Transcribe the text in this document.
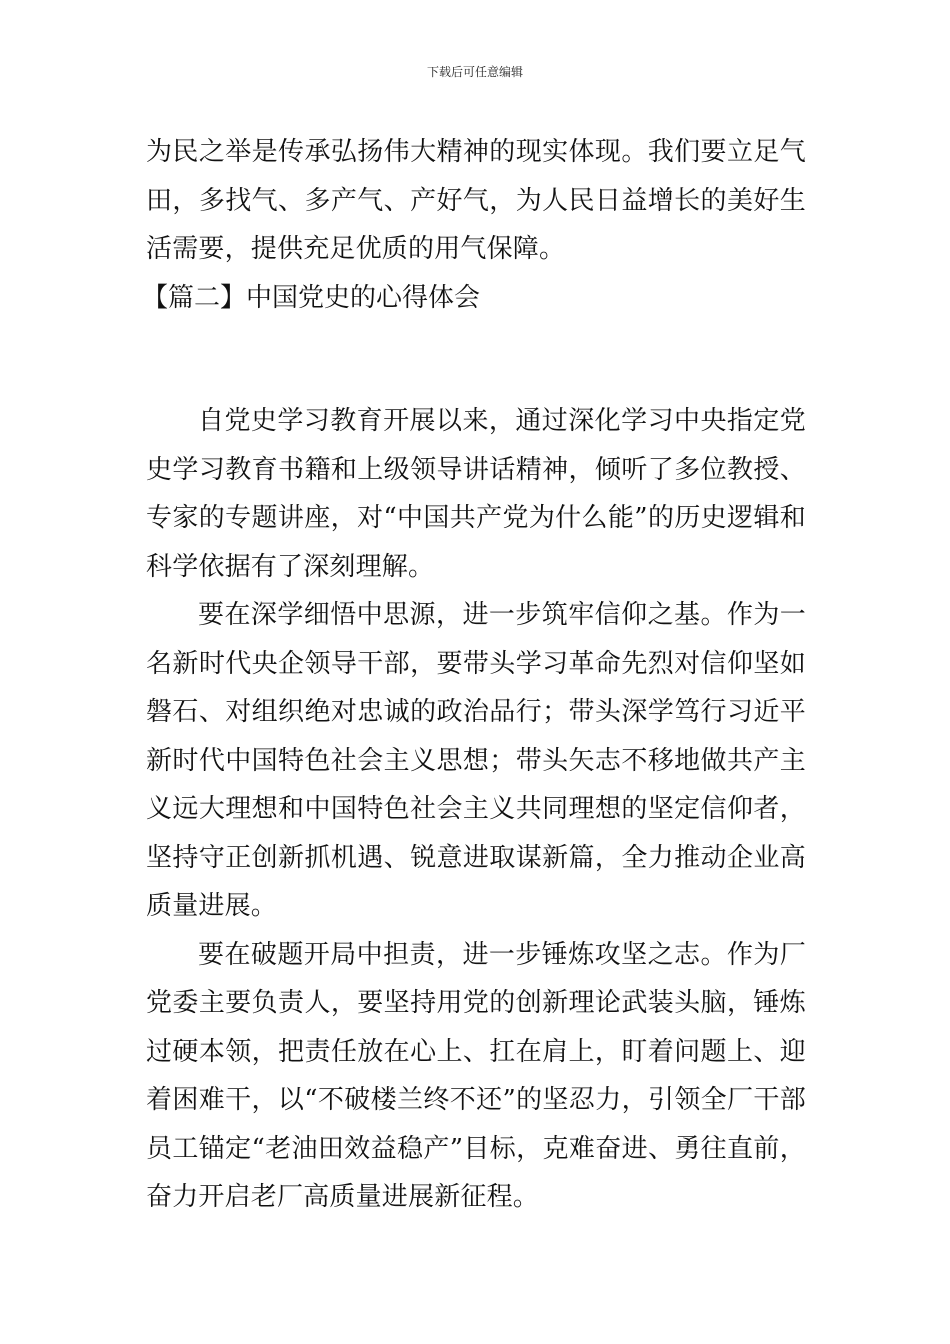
下载后可任意编辑

为民之举是传承弘扬伟大精神的现实体现。我们要立足气田，多找气、多产气、产好气，为人民日益增长的美好生活需要，提供充足优质的用气保障。

【篇二】中国党史的心得体会

自党史学习教育开展以来，通过深化学习中央指定党史学习教育书籍和上级领导讲话精神，倾听了多位教授、专家的专题讲座，对“中国共产党为什么能”的历史逻辑和科学依据有了深刻理解。

要在深学细悟中思源，进一步筑牢信仰之基。作为一名新时代央企领导干部，要带头学习革命先烈对信仰坚如磐石、对组织绝对忠诚的政治品行；带头深学笃行习近平新时代中国特色社会主义思想；带头矢志不移地做共产主义远大理想和中国特色社会主义共同理想的坚定信仰者，坚持守正创新抓机遇、锐意进取谋新篇，全力推动企业高质量进展。

要在破题开局中担责，进一步锤炼攻坚之志。作为厂党委主要负责人，要坚持用党的创新理论武装头脑，锤炼过硬本领，把责任放在心上、扛在肩上，盯着问题上、迎着困难干，以“不破楼兰终不还”的坚忍力，引领全厂干部员工锚定“老油田效益稳产”目标，克难奋进、勇往直前，奋力开启老厂高质量进展新征程。
